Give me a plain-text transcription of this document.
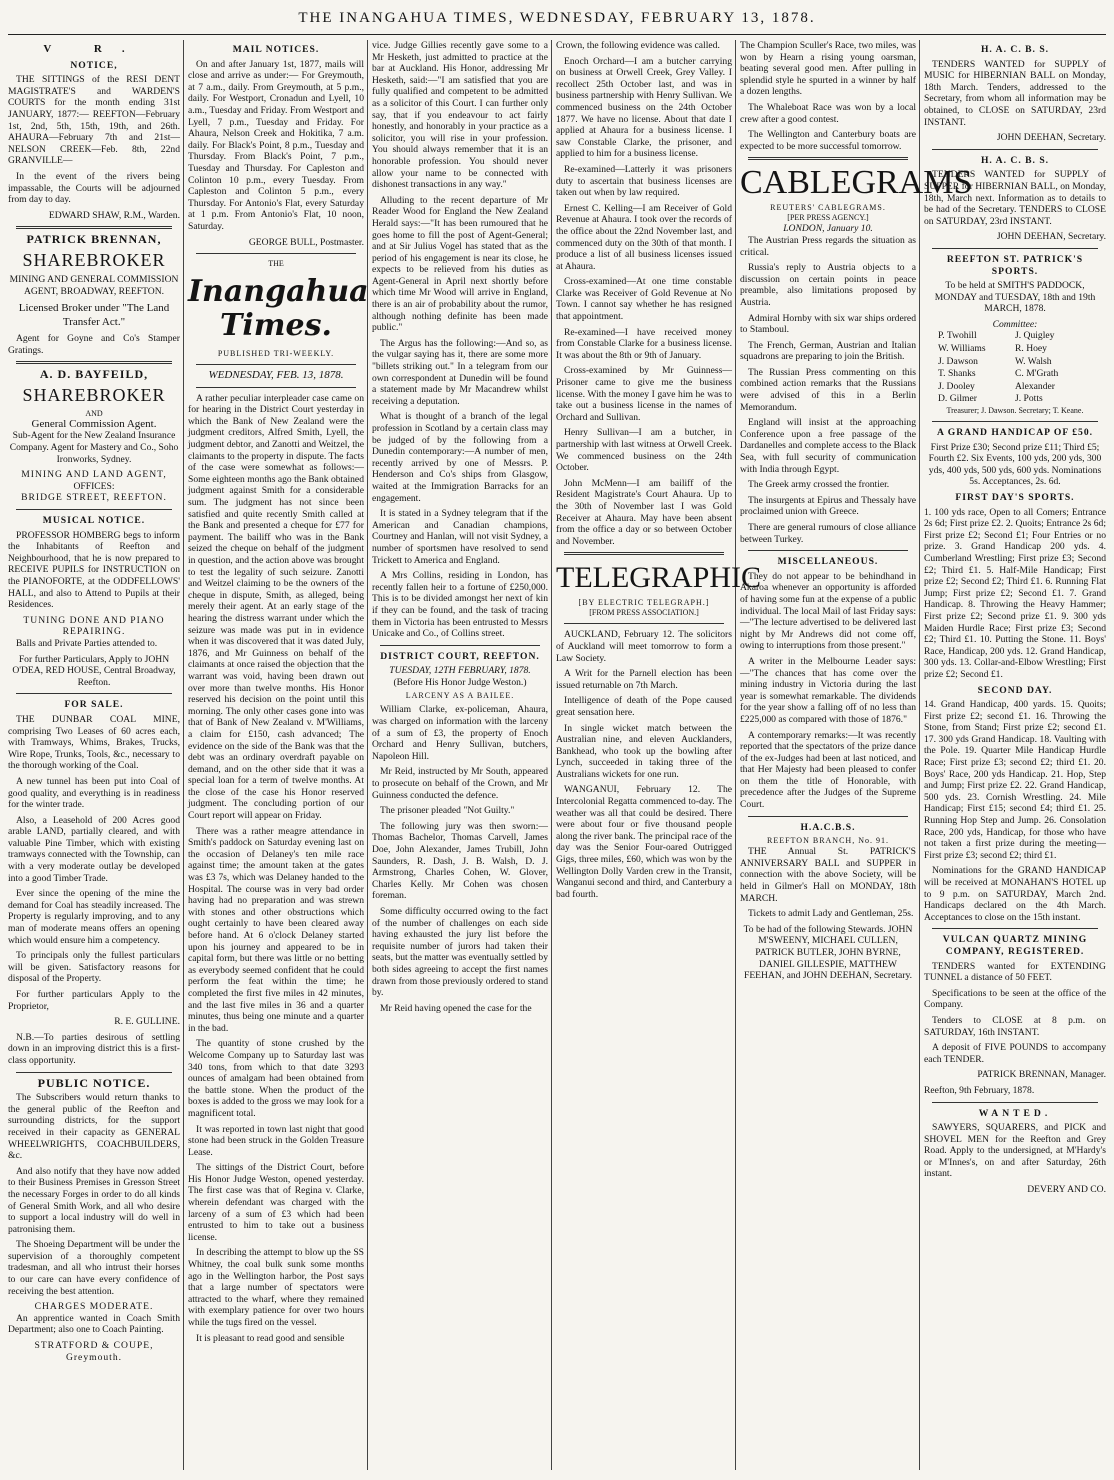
THE INANGAHUA TIMES, WEDNESDAY, FEBRUARY 13, 1878.
V R.
NOTICE,

THE SITTINGS of the RESI DENT MAGISTRATE'S and WARDEN'S COURTS for the month ending 31st JANUARY, 1877:— REEFTON—February 1st, 2nd, 5th, 15th, 19th, and 26th. AHAURA—February 7th and 21st— NELSON CREEK—Feb. 8th, 22nd GRANVILLE—

In the event of the rivers being impassable, the Courts will be adjourned from day to day.

EDWARD SHAW, R.M., Warden.

PATRICK BRENNAN,
SHAREBROKER

MINING AND GENERAL COMMISSION AGENT, BROADWAY, REEFTON.

Licensed Broker under "The Land Transfer Act."

Agent for Goyne and Co's Stamper Gratings.

A. D. BAYFEILD,
SHAREBROKER
AND
General Commission Agent.

Sub-Agent for the New Zealand Insurance Company. Agent for Mastery and Co., Soho Ironworks, Sydney.

MINING AND LAND AGENT,
OFFICES:
BRIDGE STREET, REEFTON.
MUSICAL NOTICE.

PROFESSOR HOMBERG begs to inform the Inhabitants of Reefton and Neighbourhood, that he is now prepared to RECEIVE PUPILS for INSTRUCTION on the PIANOFORTE, at the ODDFELLOWS' HALL, and also to Attend to Pupils at their Residences.

TUNING DONE AND PIANO REPAIRING.

Balls and Private Parties attended to.

For further Particulars, Apply to JOHN O'DEA, RED HOUSE, Central Broadway, Reefton.

FOR SALE.

THE DUNBAR COAL MINE, comprising Two Leases of 60 acres each, with Tramways, Whims, Brakes, Trucks, Wire Rope, Trunks, Tools, &c., necessary to the thorough working of the Coal.

A new tunnel has been put into Coal of good quality, and everything is in readiness for the winter trade.

Also, a Leasehold of 200 Acres good arable LAND, partially cleared, and with valuable Pine Timber, which with existing tramways connected with the Township, can with a very moderate outlay be developed into a good Timber Trade.

Ever since the opening of the mine the demand for Coal has steadily increased. The Property is regularly improving, and to any man of moderate means offers an opening which would ensure him a competency.

To principals only the fullest particulars will be given. Satisfactory reasons for disposal of the Property.

For further particulars Apply to the Proprietor,

R. E. GULLINE.

N.B.—To parties desirous of settling down in an improving district this is a first-class opportunity.

PUBLIC NOTICE.

The Subscribers would return thanks to the general public of the Reefton and surrounding districts, for the support received in their capacity as GENERAL WHEELWRIGHTS, COACHBUILDERS, &c.

And also notify that they have now added to their Business Premises in Gresson Street the necessary Forges in order to do all kinds of General Smith Work, and all who desire to support a local industry will do well in patronising them.

The Shoeing Department will be under the supervision of a thoroughly competent tradesman, and all who intrust their horses to our care can have every confidence of receiving the best attention.

CHARGES MODERATE.

An apprentice wanted in Coach Smith Department; also one to Coach Painting.

STRATFORD & COUPE, Greymouth.
MAIL NOTICES.

On and after January 1st, 1877, mails will close and arrive as under:— For Greymouth, at 7 a.m., daily. From Greymouth, at 5 p.m., daily. For Westport, Cronadun and Lyell, 10 a.m., Tuesday and Friday. From Westport and Lyell, 7 p.m., Tuesday and Friday. For Ahaura, Nelson Creek and Hokitika, 7 a.m. daily. For Black's Point, 8 p.m., Tuesday and Thursday. From Black's Point, 7 p.m., Tuesday and Thursday. For Capleston and Colinton 10 p.m., every Tuesday. From Capleston and Colinton 5 p.m., every Thursday. For Antonio's Flat, every Saturday at 1 p.m. From Antonio's Flat, 10 noon, Saturday.

GEORGE BULL, Postmaster.

THE
Inangahua Times.
PUBLISHED TRI-WEEKLY.
WEDNESDAY, FEB. 13, 1878.

A rather peculiar interpleader case came on for hearing in the District Court yesterday in which the Bank of New Zealand were the judgment creditors, Alfred Smith, Lyell, the judgment debtor, and Zanotti and Weitzel, the claimants to the property in dispute. The facts of the case were somewhat as follows:—Some eighteen months ago the Bank obtained judgment against Smith for a considerable sum. The judgment has not since been satisfied and quite recently Smith called at the Bank and presented a cheque for £77 for payment. The bailiff who was in the Bank seized the cheque on behalf of the judgment in question, and the action above was brought to test the legality of such seizure. Zanotti and Weitzel claiming to be the owners of the cheque in dispute, Smith, as alleged, being merely their agent. At an early stage of the hearing the distress warrant under which the seizure was made was put in in evidence when it was discovered that it was dated July, 1876, and Mr Guinness on behalf of the claimants at once raised the objection that the warrant was void, having been drawn out over more than twelve months. His Honor reserved his decision on the point until this morning. The only other cases gone into was that of Bank of New Zealand v. M'Williams, a claim for £150, cash advanced; The evidence on the side of the Bank was that the debt was an ordinary overdraft payable on demand, and on the other side that it was a special loan for a term of twelve months. At the close of the case his Honor reserved judgment. The concluding portion of our Court report will appear on Friday.

There was a rather meagre attendance in Smith's paddock on Saturday evening last on the occasion of Delaney's ten mile race against time; the amount taken at the gates was £3 7s, which was Delaney handed to the Hospital. The course was in very bad order having had no preparation and was strewn with stones and other obstructions which ought certainly to have been cleared away before hand. At 6 o'clock Delaney started upon his journey and appeared to be in capital form, but there was little or no betting as everybody seemed confident that he could perform the feat within the time; he completed the first five miles in 42 minutes, and the last five miles in 36 and a quarter minutes, thus being one minute and a quarter in the bad.

The quantity of stone crushed by the Welcome Company up to Saturday last was 340 tons, from which to that date 3293 ounces of amalgam had been obtained from the battle stone. When the product of the boxes is added to the gross we may look for a magnificent total.

It was reported in town last night that good stone had been struck in the Golden Treasure Lease.

The sittings of the District Court, before His Honor Judge Weston, opened yesterday. The first case was that of Regina v. Clarke, wherein defendant was charged with the larceny of a sum of £3 which had been entrusted to him to take out a business license.

In describing the attempt to blow up the SS Whitney, the coal bulk sunk some months ago in the Wellington harbor, the Post says that a large number of spectators were attracted to the wharf, where they remained with exemplary patience for over two hours while the tugs fired on the vessel.

It is pleasant to read good and sensible

vice. Judge Gillies recently gave some to a Mr Hesketh, just admitted to practice at the bar at Auckland. His Honor, addressing Mr Hesketh, said:—"I am satisfied that you are fully qualified and competent to be admitted as a solicitor of this Court. I can further only say, that if you endeavour to act fairly honestly, and honorably in your practice as a solicitor, you will rise in your profession. You should always remember that it is an honorable profession. You should never allow your name to be connected with dishonest transactions in any way."

Alluding to the recent departure of Mr Reader Wood for England the New Zealand Herald says:—"It has been rumoured that he goes home to fill the post of Agent-General; and at Sir Julius Vogel has stated that as the period of his engagement is near its close, he expects to be relieved from his duties as Agent-General in April next shortly before which time Mr Wood will arrive in England, there is an air of probability about the rumor, although nothing definite has been made public."

The Argus has the following:—And so, as the vulgar saying has it, there are some more "billets striking out." In a telegram from our own correspondent at Dunedin will be found a statement made by Mr Macandrew whilst receiving a deputation.

What is thought of a branch of the legal profession in Scotland by a certain class may be judged of by the following from a Dunedin contemporary:—A number of men, recently arrived by one of Messrs. P. Henderson and Co's ships from Glasgow, waited at the Immigration Barracks for an engagement.

It is stated in a Sydney telegram that if the American and Canadian champions, Courtney and Hanlan, will not visit Sydney, a number of sportsmen have resolved to send Trickett to America and England.

A Mrs Collins, residing in London, has recently fallen heir to a fortune of £250,000. This is to be divided amongst her next of kin if they can be found, and the task of tracing them in Victoria has been entrusted to Messrs Unicake and Co., of Collins street.

DISTRICT COURT, REEFTON.
TUESDAY, 12TH FEBRUARY, 1878.
(Before His Honor Judge Weston.)
LARCENY AS A BAILEE.

William Clarke, ex-policeman, Ahaura, was charged on information with the larceny of a sum of £3, the property of Enoch Orchard and Henry Sullivan, butchers, Napoleon Hill.

Mr Reid, instructed by Mr South, appeared to prosecute on behalf of the Crown, and Mr Guinness conducted the defence.

The prisoner pleaded "Not Guilty."

The following jury was then sworn:—Thomas Bachelor, Thomas Carvell, James Doe, John Alexander, James Trubill, John Saunders, R. Dash, J. B. Walsh, D. J. Armstrong, Charles Cohen, W. Glover, Charles Kelly. Mr Cohen was chosen foreman.

Some difficulty occurred owing to the fact of the number of challenges on each side having exhausted the jury list before the requisite number of jurors had taken their seats, but the matter was eventually settled by both sides agreeing to accept the first names drawn from those previously ordered to stand by.

Mr Reid having opened the case for the

Crown, the following evidence was called.

Enoch Orchard—I am a butcher carrying on business at Orwell Creek, Grey Valley. I recollect 25th October last, and was in business partnership with Henry Sullivan. We commenced business on the 24th October 1877. We have no license. About that date I applied at Ahaura for a business license. I saw Constable Clarke, the prisoner, and applied to him for a business license.

Re-examined—Latterly it was prisoners duty to ascertain that business licenses are taken out when by law required.

Ernest C. Kelling—I am Receiver of Gold Revenue at Ahaura. I took over the records of the office about the 22nd November last, and commenced duty on the 30th of that month. I produce a list of all business licenses issued at Ahaura.

Cross-examined—At one time constable Clarke was Receiver of Gold Revenue at No Town. I cannot say whether he has resigned that appointment.

Re-examined—I have received money from Constable Clarke for a business license. It was about the 8th or 9th of January.

Cross-examined by Mr Guinness—Prisoner came to give me the business license. With the money I gave him he was to take out a business license in the names of Orchard and Sullivan.

Henry Sullivan—I am a butcher, in partnership with last witness at Orwell Creek. We commenced business on the 24th October.

John McMenn—I am bailiff of the Resident Magistrate's Court Ahaura. Up to the 30th of November last I was Gold Receiver at Ahaura. May have been absent from the office a day or so between October and November.

TELEGRAPHIC
[BY ELECTRIC TELEGRAPH.]
[FROM PRESS ASSOCIATION.]

AUCKLAND, February 12. The solicitors of Auckland will meet tomorrow to form a Law Society.

A Writ for the Parnell election has been issued returnable on 7th March.

Intelligence of death of the Pope caused great sensation here.

In single wicket match between the Australian nine, and eleven Aucklanders, Bankhead, who took up the bowling after Lynch, succeeded in taking three of the Australians wickets for one run.

WANGANUI, February 12. The Intercolonial Regatta commenced to-day. The weather was all that could be desired. There were about four or five thousand people along the river bank. The principal race of the day was the Senior Four-oared Outrigged Gigs, three miles, £60, which was won by the Wellington Dolly Varden crew in the Transit, Wanganui second and third, and Canterbury a bad fourth.

The Champion Sculler's Race, two miles, was won by Hearn a rising young oarsman, beating several good men. After pulling in splendid style he spurted in a winner by half a dozen lengths.

The Whaleboat Race was won by a local crew after a good contest.

The Wellington and Canterbury boats are expected to be more successful tomorrow.

CABLEGRAMS
REUTERS' CABLEGRAMS.
[PER PRESS AGENCY.]
LONDON, January 10.

The Austrian Press regards the situation as critical.

Russia's reply to Austria objects to a discussion on certain points in peace preamble, also limitations proposed by Austria.

Admiral Hornby with six war ships ordered to Stamboul.

The French, German, Austrian and Italian squadrons are preparing to join the British.

The Russian Press commenting on this combined action remarks that the Russians were advised of this in a Berlin Memorandum.

England will insist at the approaching Conference upon a free passage of the Dardanelles and complete access to the Black Sea, with full security of communication with India through Egypt.

The Greek army crossed the frontier.

The insurgents at Epirus and Thessaly have proclaimed union with Greece.

There are general rumours of close alliance between Turkey.

MISCELLANEOUS.

They do not appear to be behindhand in Akaroa whenever an opportunity is afforded of having some fun at the expense of a public individual. The local Mail of last Friday says:—"The lecture advertised to be delivered last night by Mr Andrews did not come off, owing to interruptions from those present."

A writer in the Melbourne Leader says:—"The chances that has come over the mining industry in Victoria during the last year is somewhat remarkable. The dividends for the year show a falling off of no less than £225,000 as compared with those of 1876."

A contemporary remarks:—It was recently reported that the spectators of the prize dance of the ex-Judges had been at last noticed, and that Her Majesty had been pleased to confer on them the title of Honorable, with precedence after the Judges of the Supreme Court.

H.A.C.B.S.
REEFTON BRANCH, No. 91.

THE Annual St. PATRICK'S ANNIVERSARY BALL and SUPPER in connection with the above Society, will be held in Gilmer's Hall on MONDAY, 18th MARCH.

Tickets to admit Lady and Gentleman, 25s.

To be had of the following Stewards. JOHN M'SWEENY, MICHAEL CULLEN, PATRICK BUTLER, JOHN BYRNE, DANIEL GILLESPIE, MATTHEW FEEHAN, and JOHN DEEHAN, Secretary.

H. A. C. B. S.

TENDERS WANTED for SUPPLY of MUSIC for HIBERNIAN BALL on Monday, 18th March. Tenders, addressed to the Secretary, from whom all information may be obtained, to CLOSE on SATURDAY, 23rd INSTANT.

JOHN DEEHAN, Secretary.

H. A. C. B. S.

TENDERS WANTED for SUPPLY of SUPPER for HIBERNIAN BALL, on Monday, 18th, March next. Information as to details to be had of the Secretary. TENDERS to CLOSE on SATURDAY, 23rd INSTANT.

JOHN DEEHAN, Secretary.

REEFTON ST. PATRICK'S SPORTS.

To be held at SMITH'S PADDOCK, MONDAY and TUESDAY, 18th and 19th MARCH, 1878.

Committee:
P. Twohill	J. Quigley
W. Williams	R. Hoey
J. Dawson	W. Walsh
T. Shanks	C. M'Grath
J. Dooley	Alexander
D. Gilmer	J. Potts
Treasurer; J. Dawson. Secretary; T. Keane.
A GRAND HANDICAP OF £50.

First Prize £30; Second prize £11; Third £5; Fourth £2. Six Events, 100 yds, 200 yds, 300 yds, 400 yds, 500 yds, 600 yds. Nominations 5s. Acceptances, 2s. 6d.

FIRST DAY'S SPORTS.

1. 100 yds race, Open to all Comers; Entrance 2s 6d; First prize £2. 2. Quoits; Entrance 2s 6d; First prize £2; Second £1; Four Entries or no prize. 3. Grand Handicap 200 yds. 4. Cumberland Wrestling; First prize £3; Second £2; Third £1. 5. Half-Mile Handicap; First prize £2; Second £2; Third £1. 6. Running Flat Jump; First prize £2; Second £1. 7. Grand Handicap. 8. Throwing the Heavy Hammer; First prize £2; Second prize £1. 9. 300 yds Maiden Hurdle Race; First prize £3; Second £2; Third £1. 10. Putting the Stone. 11. Boys' Race, Handicap, 200 yds. 12. Grand Handicap, 300 yds. 13. Collar-and-Elbow Wrestling; First prize £2; Second £1.

SECOND DAY.

14. Grand Handicap, 400 yards. 15. Quoits; First prize £2; second £1. 16. Throwing the Stone, from Stand; First prize £2; second £1. 17. 300 yds Grand Handicap. 18. Vaulting with the Pole. 19. Quarter Mile Handicap Hurdle Race; First prize £3; second £2; third £1. 20. Boys' Race, 200 yds Handicap. 21. Hop, Step and Jump; First prize £2. 22. Grand Handicap, 500 yds. 23. Cornish Wrestling. 24. Mile Handicap; First £15; second £4; third £1. 25. Running Hop Step and Jump. 26. Consolation Race, 200 yds, Handicap, for those who have not taken a first prize during the meeting—First prize £3; second £2; third £1.

Nominations for the GRAND HANDICAP will be received at MONAHAN'S HOTEL up to 9 p.m. on SATURDAY, March 2nd. Handicaps declared on the 4th March. Acceptances to close on the 15th instant.

VULCAN QUARTZ MINING COMPANY, REGISTERED.

TENDERS wanted for EXTENDING TUNNEL a distance of 50 FEET.

Specifications to be seen at the office of the Company.

Tenders to CLOSE at 8 p.m. on SATURDAY, 16th INSTANT.

A deposit of FIVE POUNDS to accompany each TENDER.

PATRICK BRENNAN, Manager.

Reefton, 9th February, 1878.

WANTED.

SAWYERS, SQUARERS, and PICK and SHOVEL MEN for the Reefton and Grey Road. Apply to the undersigned, at M'Hardy's or M'Innes's, on and after Saturday, 26th instant.

DEVERY AND CO.
